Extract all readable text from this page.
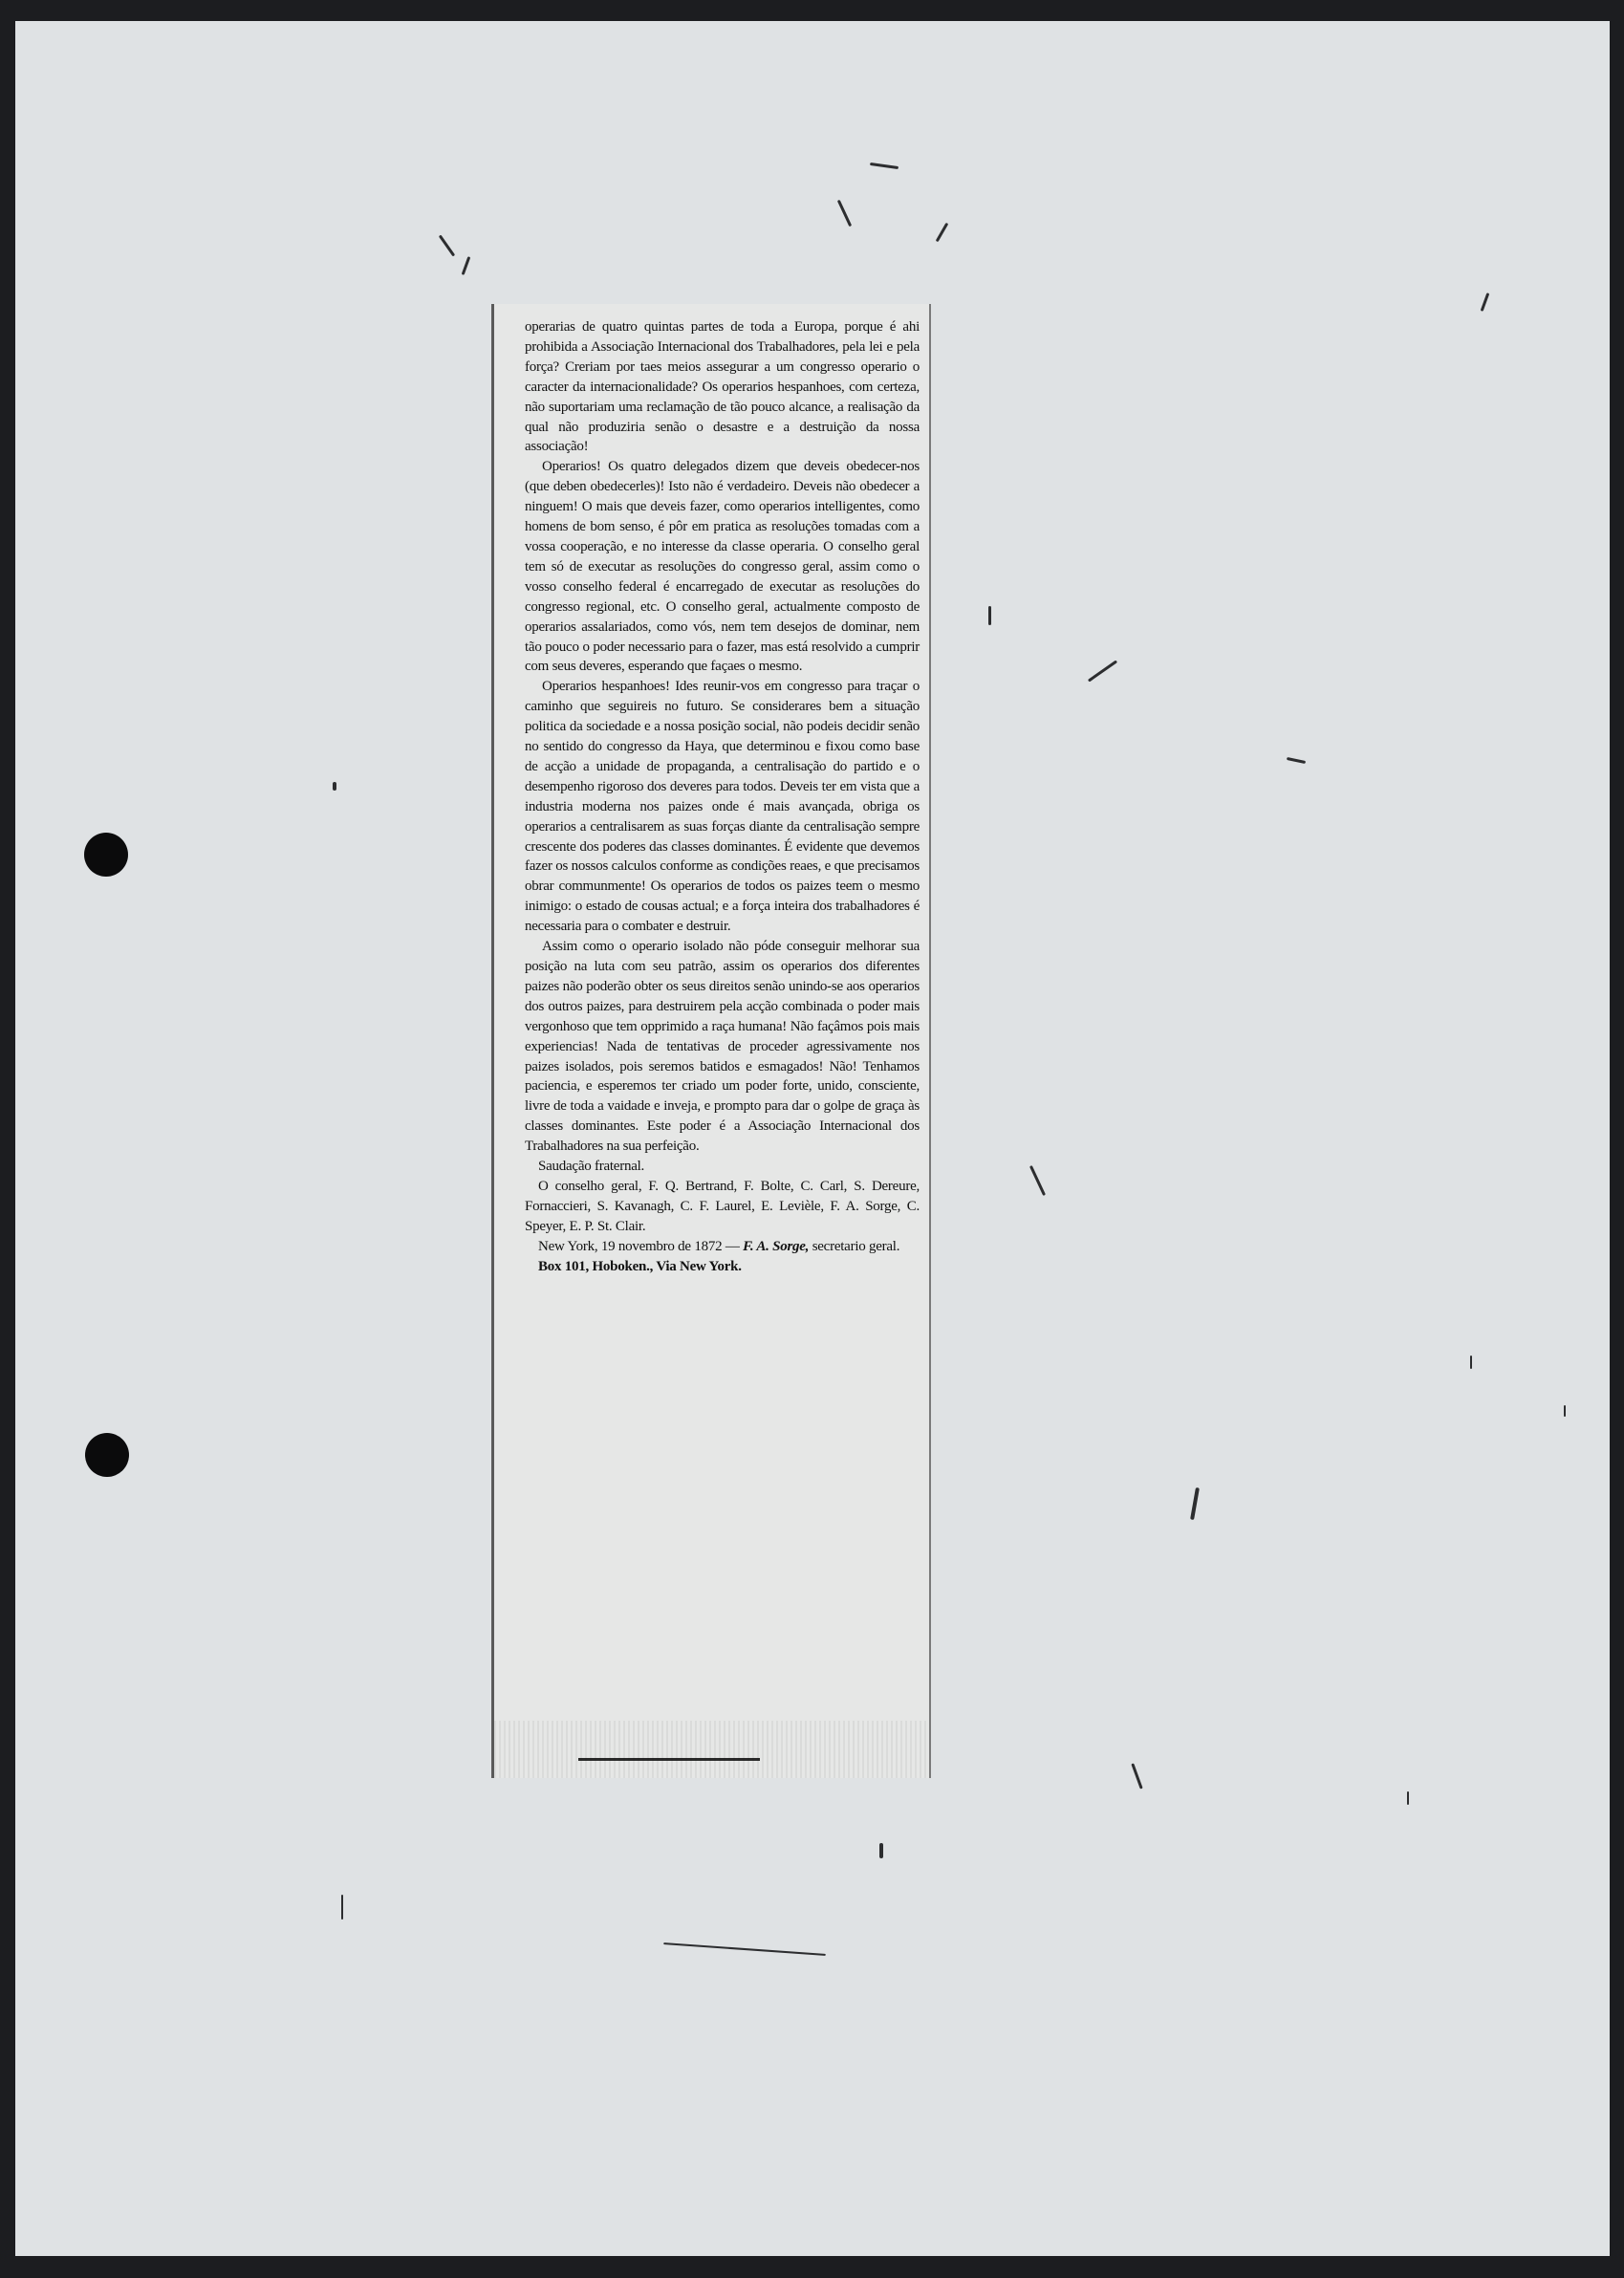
operarias de quatro quintas partes de toda a Europa, porque é ahi prohibida a Associação Internacional dos Trabalhadores, pela lei e pela força? Creriam por taes meios assegurar a um congresso operario o caracter da internacionalidade? Os operarios hespanhoes, com certeza, não suportariam uma reclamação de tão pouco alcance, a realisação da qual não produziria senão o desastre e a destruição da nossa associação!

Operarios! Os quatro delegados dizem que deveis obedecer-nos (que deben obedecerles)! Isto não é verdadeiro. Deveis não obedecer a ninguem! O mais que deveis fazer, como operarios intelligentes, como homens de bom senso, é pôr em pratica as resoluções tomadas com a vossa cooperação, e no interesse da classe operaria. O conselho geral tem só de executar as resoluções do congresso geral, assim como o vosso conselho federal é encarregado de executar as resoluções do congresso regional, etc. O conselho geral, actualmente composto de operarios assalariados, como vós, nem tem desejos de dominar, nem tão pouco o poder necessario para o fazer, mas está resolvido a cumprir com seus deveres, esperando que façaes o mesmo.

Operarios hespanhoes! Ides reunir-vos em congresso para traçar o caminho que seguireis no futuro. Se considerares bem a situação politica da sociedade e a nossa posição social, não podeis decidir senão no sentido do congresso da Haya, que determinou e fixou como base de acção a unidade de propaganda, a centralisação do partido e o desempenho rigoroso dos deveres para todos. Deveis ter em vista que a industria moderna nos paizes onde é mais avançada, obriga os operarios a centralisarem as suas forças diante da centralisação sempre crescente dos poderes das classes dominantes. É evidente que devemos fazer os nossos calculos conforme as condições reaes, e que precisamos obrar communmente! Os operarios de todos os paizes teem o mesmo inimigo: o estado de cousas actual; e a força inteira dos trabalhadores é necessaria para o combater e destruir.

Assim como o operario isolado não póde conseguir melhorar sua posição na luta com seu patrão, assim os operarios dos diferentes paizes não poderão obter os seus direitos senão unindo-se aos operarios dos outros paizes, para destruirem pela acção combinada o poder mais vergonhoso que tem opprimido a raça humana! Não façâmos pois mais experiencias! Nada de tentativas de proceder agressivamente nos paizes isolados, pois seremos batidos e esmagados! Não! Tenhamos paciencia, e esperemos ter criado um poder forte, unido, consciente, livre de toda a vaidade e inveja, e prompto para dar o golpe de graça às classes dominantes. Este poder é a Associação Internacional dos Trabalhadores na sua perfeição.

Saudação fraternal.

O conselho geral, F. Q. Bertrand, F. Bolte, C. Carl, S. Dereure, Fornaccieri, S. Kavanagh, C. F. Laurel, E. Levièle, F. A. Sorge, C. Speyer, E. P. St. Clair.

New York, 19 novembro de 1872 — F. A. Sorge, secretario geral.

Box 101, Hoboken., Via New York.
